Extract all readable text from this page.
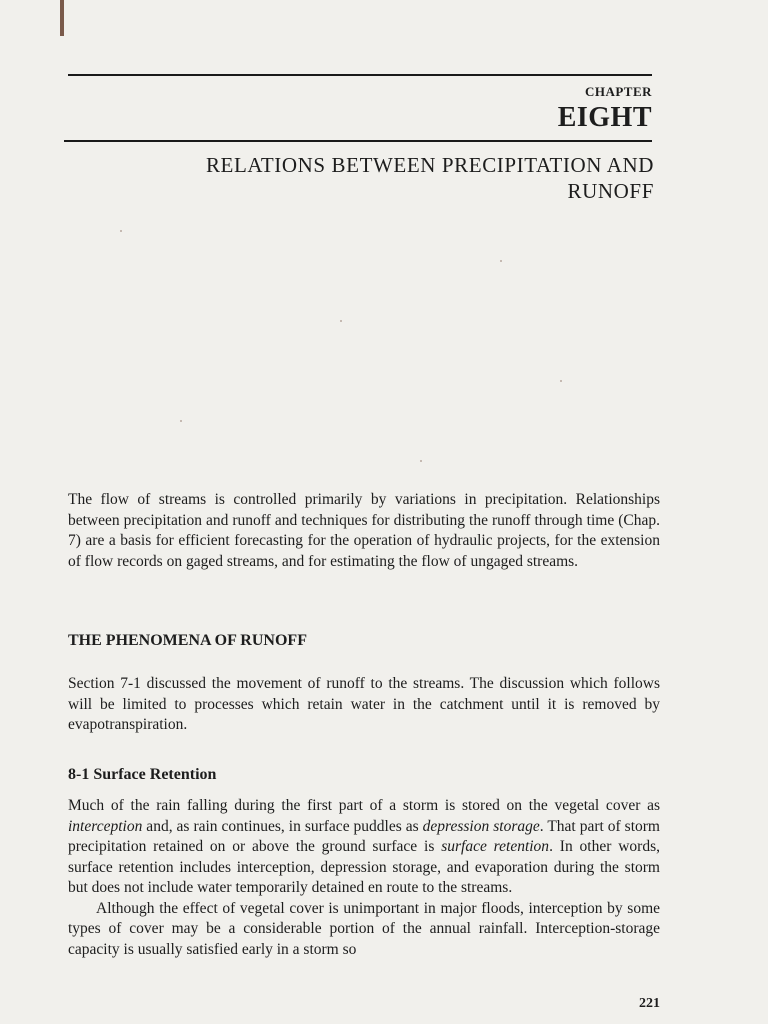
CHAPTER
EIGHT
RELATIONS BETWEEN PRECIPITATION AND
RUNOFF

The flow of streams is controlled primarily by variations in precipitation. Relationships between precipitation and runoff and techniques for distributing the runoff through time (Chap. 7) are a basis for efficient forecasting for the operation of hydraulic projects, for the extension of flow records on gaged streams, and for estimating the flow of ungaged streams.

THE PHENOMENA OF RUNOFF

Section 7-1 discussed the movement of runoff to the streams. The discussion which follows will be limited to processes which retain water in the catchment until it is removed by evapotranspiration.

8-1 Surface Retention

Much of the rain falling during the first part of a storm is stored on the vegetal cover as interception and, as rain continues, in surface puddles as depression storage. That part of storm precipitation retained on or above the ground surface is surface retention. In other words, surface retention includes interception, depression storage, and evaporation during the storm but does not include water temporarily detained en route to the streams.

Although the effect of vegetal cover is unimportant in major floods, interception by some types of cover may be a considerable portion of the annual rainfall. Interception-storage capacity is usually satisfied early in a storm so

221
